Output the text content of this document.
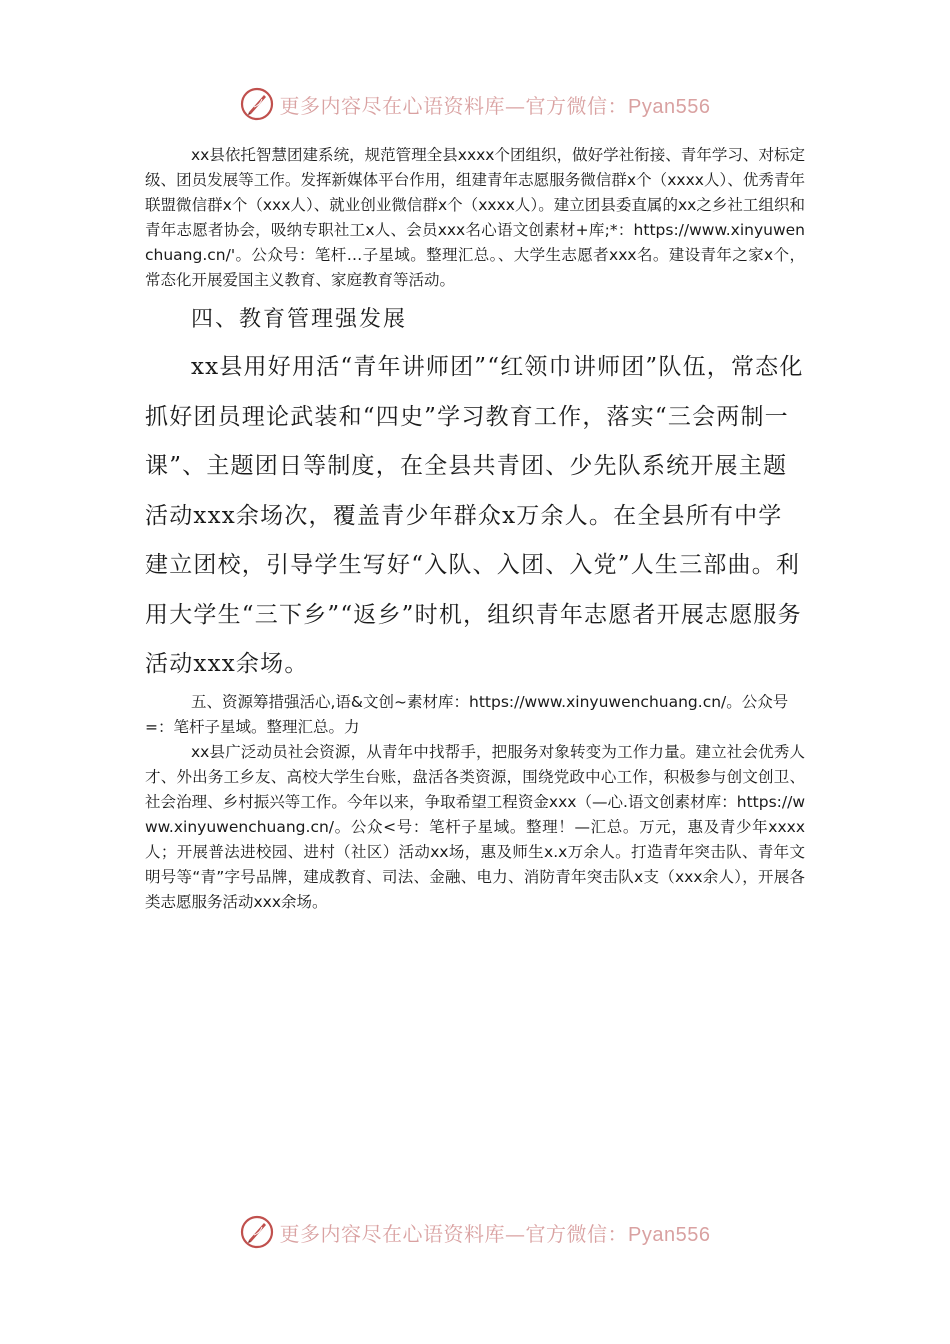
更多内容尽在心语资料库—官方微信：Pyan556

xx县依托智慧团建系统，规范管理全县xxxx个团组织，做好学社衔接、青年学习、对标定级、团员发展等工作。发挥新媒体平台作用，组建青年志愿服务微信群x个（xxxx人）、优秀青年联盟微信群x个（xxx人）、就业创业微信群x个（xxxx人）。建立团县委直属的xx之乡社工组织和青年志愿者协会，吸纳专职社工x人、会员xxx名心语文创素材+库;*：https://www.xinyuwenchuang.cn/'。公众号：笔杆…子星域。整理汇总。、大学生志愿者xxx名。建设青年之家x个，常态化开展爱国主义教育、家庭教育等活动。

四、教育管理强发展

xx县用好用活“青年讲师团”“红领巾讲师团”队伍，常态化抓好团员理论武装和“四史”学习教育工作，落实“三会两制一课”、主题团日等制度，在全县共青团、少先队系统开展主题活动xxx余场次，覆盖青少年群众x万余人。在全县所有中学建立团校，引导学生写好“入队、入团、入党”人生三部曲。利用大学生“三下乡”“返乡”时机，组织青年志愿者开展志愿服务活动xxx余场。

五、资源筹措强活心,语&文创~素材库：https://www.xinyuwenchuang.cn/。公众号=：笔杆子星域。整理汇总。力

xx县广泛动员社会资源，从青年中找帮手，把服务对象转变为工作力量。建立社会优秀人才、外出务工乡友、高校大学生台账，盘活各类资源，围绕党政中心工作，积极参与创文创卫、社会治理、乡村振兴等工作。今年以来，争取希望工程资金xxx（—心.语文创素材库：https://www.xinyuwenchuang.cn/。公众<号：笔杆子星域。整理！—汇总。万元，惠及青少年xxxx人；开展普法进校园、进村（社区）活动xx场，惠及师生x.x万余人。打造青年突击队、青年文明号等“青”字号品牌，建成教育、司法、金融、电力、消防青年突击队x支（xxx余人），开展各类志愿服务活动xxx余场。

更多内容尽在心语资料库—官方微信：Pyan556
